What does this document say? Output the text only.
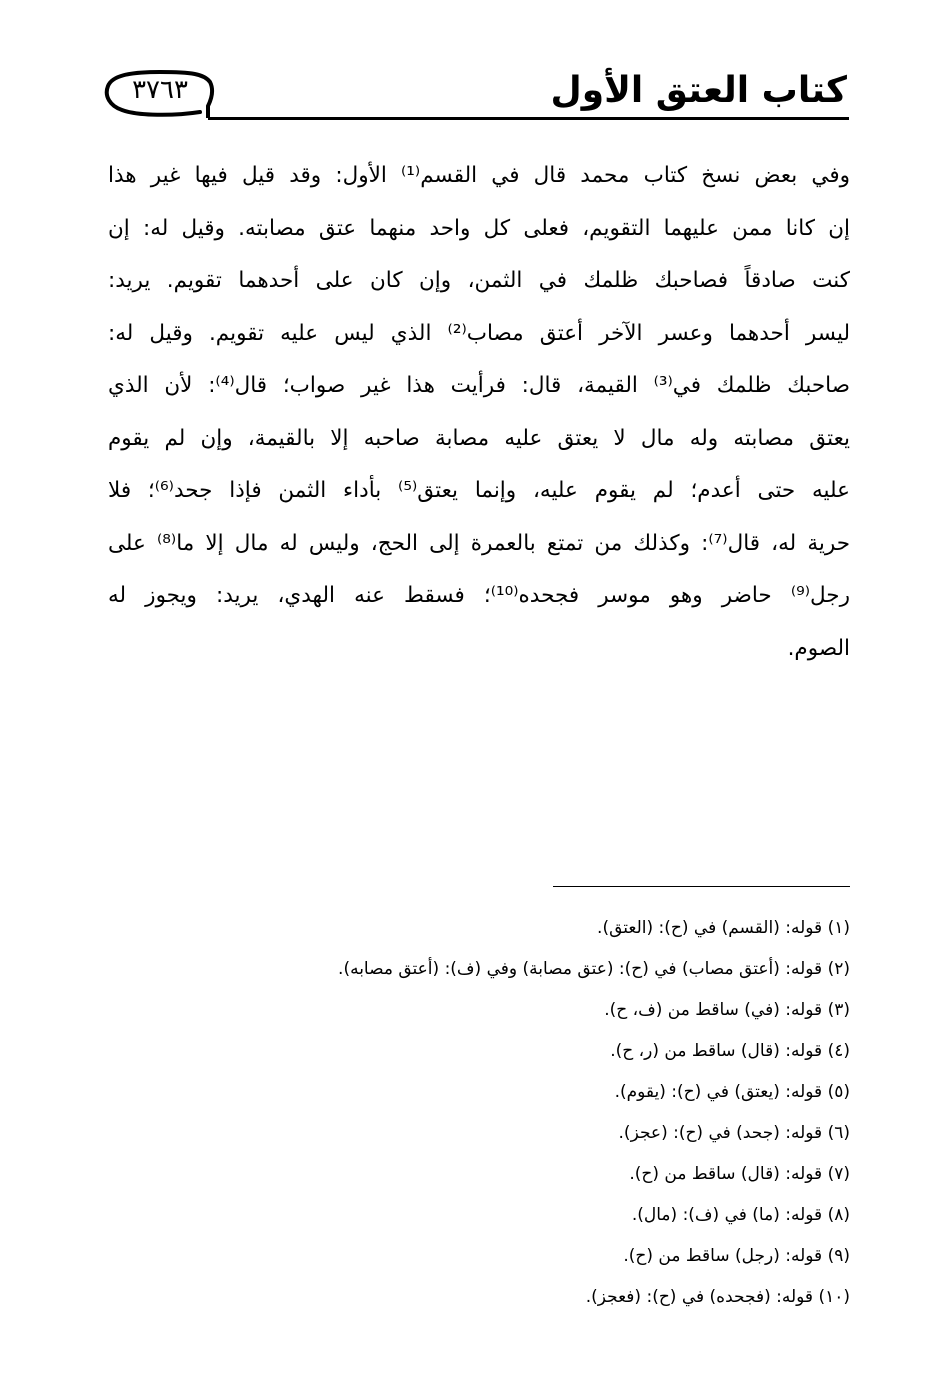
٣٧٦٣	كتاب العتق الأول
وفي بعض نسخ كتاب محمد قال في القسم⁽¹⁾ الأول: وقد قيل فيها غير هذا
إن كانا ممن عليهما التقويم، فعلى كل واحد منهما عتق مصابته. وقيل له: إن
كنت صادقاً فصاحبك ظلمك في الثمن، وإن كان على أحدهما تقويم. يريد:
ليسر أحدهما وعسر الآخر أعتق مصاب⁽²⁾ الذي ليس عليه تقويم. وقيل له:
صاحبك ظلمك في⁽³⁾ القيمة، قال: فرأيت هذا غير صواب؛ قال⁽⁴⁾: لأن الذي
يعتق مصابته وله مال لا يعتق عليه مصابة صاحبه إلا بالقيمة، وإن لم يقوم
عليه حتى أعدم؛ لم يقوم عليه، وإنما يعتق⁽⁵⁾ بأداء الثمن فإذا جحد⁽⁶⁾؛ فلا
حرية له، قال⁽⁷⁾: وكذلك من تمتع بالعمرة إلى الحج، وليس له مال إلا ما⁽⁸⁾ على
رجل⁽⁹⁾ حاضر وهو موسر فجحده⁽¹⁰⁾؛ فسقط عنه الهدي، يريد: ويجوز له
الصوم.
(١) قوله: (القسم) في (ح): (العتق).
(٢) قوله: (أعتق مصاب) في (ح): (عتق مصابة) وفي (ف): (أعتق مصابه).
(٣) قوله: (في) ساقط من (ف، ح).
(٤) قوله: (قال) ساقط من (ر، ح).
(٥) قوله: (يعتق) في (ح): (يقوم).
(٦) قوله: (جحد) في (ح): (عجز).
(٧) قوله: (قال) ساقط من (ح).
(٨) قوله: (ما) في (ف): (مال).
(٩) قوله: (رجل) ساقط من (ح).
(١٠) قوله: (فجحده) في (ح): (فعجز).
